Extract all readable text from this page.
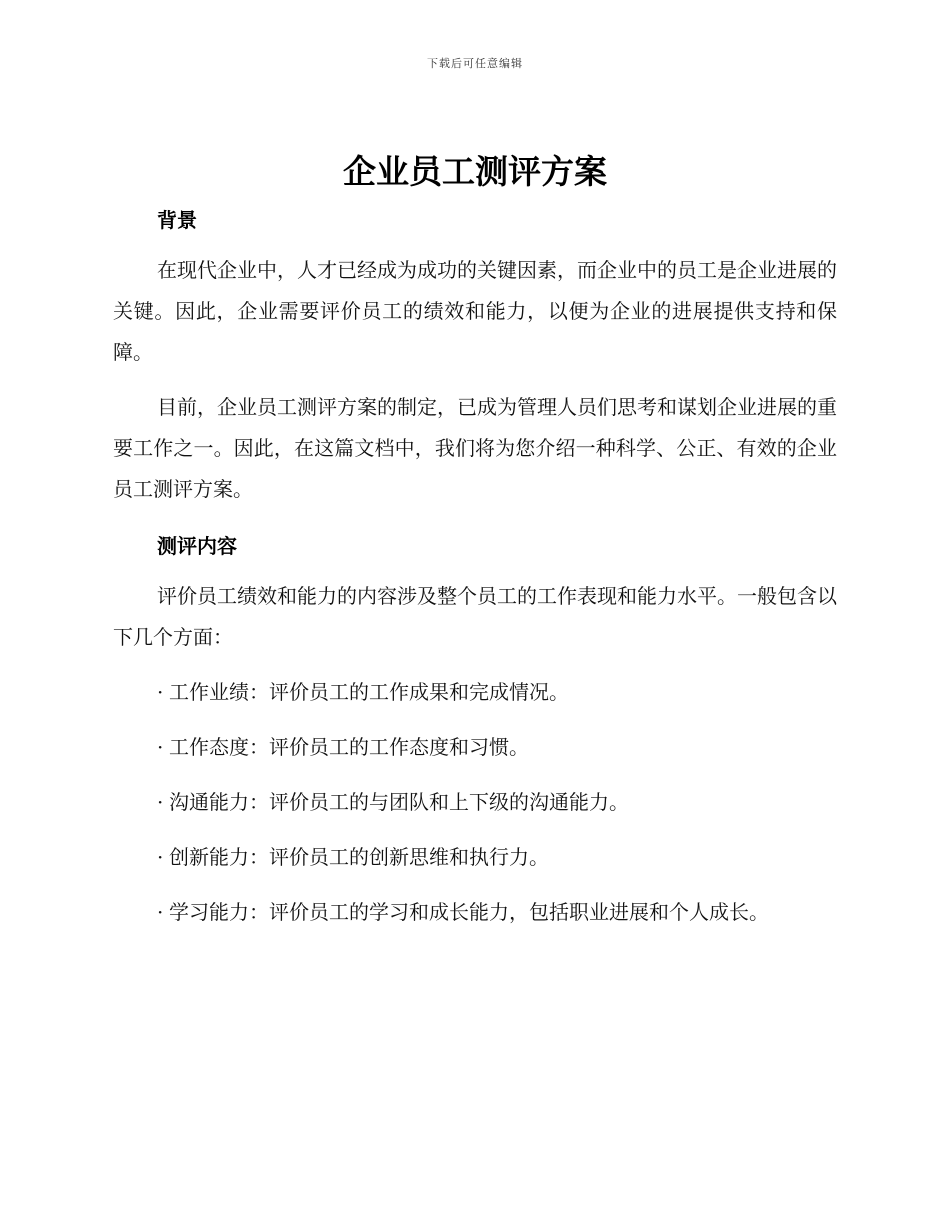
下载后可任意编辑
企业员工测评方案
背景

在现代企业中，人才已经成为成功的关键因素，而企业中的员工是企业进展的关键。因此，企业需要评价员工的绩效和能力，以便为企业的进展提供支持和保障。

目前，企业员工测评方案的制定，已成为管理人员们思考和谋划企业进展的重要工作之一。因此，在这篇文档中，我们将为您介绍一种科学、公正、有效的企业员工测评方案。

测评内容

评价员工绩效和能力的内容涉及整个员工的工作表现和能力水平。一般包含以下几个方面：

· 工作业绩：评价员工的工作成果和完成情况。
· 工作态度：评价员工的工作态度和习惯。
· 沟通能力：评价员工的与团队和上下级的沟通能力。
· 创新能力：评价员工的创新思维和执行力。
· 学习能力：评价员工的学习和成长能力，包括职业进展和个人成长。
